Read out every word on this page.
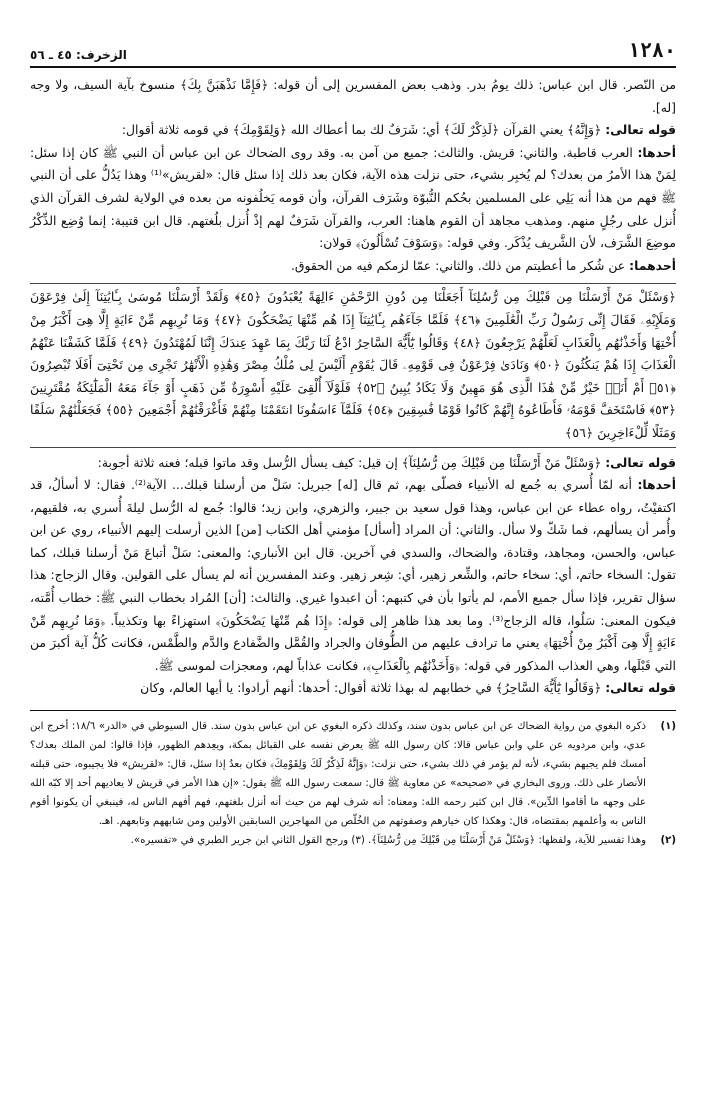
١٢٨٠
الزخرف: ٤٥ ـ ٥٦

من النّصر. قال ابن عباس: ذلك يومُ بدر. وذهب بعض المفسرين إلى أن قوله: ﴿فَإِمَّا نَذْهَبَنَّ بِكَ﴾ منسوخ بآية السيف، ولا وجه [له].

قوله تعالى: ﴿وَإِنَّهُ﴾ يعني القرآن ﴿لَذِكْرٌ لَكَ﴾ أي: شَرَفٌ لك بما أعطاك الله ﴿وَلِقَوْمِكَ﴾ في قومه ثلاثة أقوال:

أحدها: العرب قاطبة. والثاني: قريش. والثالث: جميع من آمن به. وقد روى الضحاك عن ابن عباس أن النبي ﷺ كان إذا سئل: لِمَنْ هذا الأمرُ من بعدك؟ لم يُخبِر بشيء، حتى نزلت هذه الآية، فكان بعد ذلك إذا سئل قال: «لقريش»⁽¹⁾ وهذا يَدُلُّ على أن النبي ﷺ فهم من هذا أنه يَلِي على المسلمين بحُكم النُّبوّة وشَرَف القرآن، وأن قومه يَخلُفونه من بعده في الولاية لشرف القرآن الذي أُنزل على رجُلٍ منهم. ومذهب مجاهد أن القوم هاهنا: العرب، والقرآن شَرَفٌ لهم إذْ أُنزل بلُغتهم. قال ابن قتيبة: إنما وُضِع الذِّكْرُ موضِعَ الشَّرَف، لأن الشَّريف يُذْكَر. وفي قوله: ﴿وَسَوْفَ تُسْأَلُونَ﴾ قولان:

أحدهما: عن شُكر ما أعطيتم من ذلك. والثاني: عمّا لزمكم فيه من الحقوق.

﴿وَسْئَلْ مَنْ أَرْسَلْنَا مِن قَبْلِكَ مِن رُّسُلِنَآ أَجَعَلْنَا مِن دُونِ الرَّحْمَٰنِ ءَالِهَةً يُعْبَدُونَ ﴿٤٥﴾ وَلَقَدْ أَرْسَلْنَا مُوسَىٰ بِـَٔايَٰتِنَآ إِلَىٰ فِرْعَوْنَ وَمَلَإِيْهِۦ فَقَالَ إِنِّى رَسُولُ رَبِّ الْعَٰلَمِينَ ﴿٤٦﴾ فَلَمَّا جَآءَهُم بِـَٔايَٰتِنَآ إِذَا هُم مِّنْهَا يَضْحَكُونَ ﴿٤٧﴾ وَمَا نُرِيهِم مِّنْ ءَايَةٍ إِلَّا هِىَ أَكْبَرُ مِنْ أُخْتِهَا وَأَخَذْنَٰهُم بِالْعَذَابِ لَعَلَّهُمْ يَرْجِعُونَ ﴿٤٨﴾ وَقَالُوا يَٰٓأَيُّهَ السَّاحِرُ ادْعُ لَنَا رَبَّكَ بِمَا عَهِدَ عِندَكَ إِنَّنَا لَمُهْتَدُونَ ﴿٤٩﴾ فَلَمَّا كَشَفْنَا عَنْهُمُ الْعَذَابَ إِذَا هُمْ يَنكُثُونَ ﴿٥٠﴾ وَنَادَىٰ فِرْعَوْنُ فِى قَوْمِهِۦ قَالَ يَٰقَوْمِ أَلَيْسَ لِى مُلْكُ مِصْرَ وَهَٰذِهِ الْأَنْهَٰرُ تَجْرِى مِن تَحْتِىٓ أَفَلَا تُبْصِرُونَ ﴿٥١﴾ أَمْ أَنَا۠ خَيْرٌ مِّنْ هَٰذَا الَّذِى هُوَ مَهِينٌ وَلَا يَكَادُ يُبِينُ ﴿٥٢﴾ فَلَوْلَآ أُلْقِىَ عَلَيْهِ أَسْوِرَةٌ مِّن ذَهَبٍ أَوْ جَآءَ مَعَهُ الْمَلَٰٓئِكَةُ مُقْتَرِنِينَ ﴿٥٣﴾ فَاسْتَخَفَّ قَوْمَهُۥ فَأَطَاعُوهُ إِنَّهُمْ كَانُوا قَوْمًا فَٰسِقِينَ ﴿٥٤﴾ فَلَمَّآ ءَاسَفُونَا انتَقَمْنَا مِنْهُمْ فَأَغْرَقْنَٰهُمْ أَجْمَعِينَ ﴿٥٥﴾ فَجَعَلْنَٰهُمْ سَلَفًا وَمَثَلًا لِّلْءَاخِرِينَ ﴿٥٦﴾

قوله تعالى: ﴿وَسْئَلْ مَنْ أَرْسَلْنَا مِن قَبْلِكَ مِن رُّسُلِنَآ﴾ إن قيل: كيف يسأل الرُّسل وقد ماتوا قبله؛ فعنه ثلاثة أجوبة:

أحدها: أنه لمّا أُسري به جُمع له الأنبياء فصلّى بهم، ثم قال [له] جبريل: سَلْ من أرسلنا قبلك... الآية⁽²⁾. فقال: لا أسألُ، قد اكتفيْتُ، رواه عطاء عن ابن عباس، وهذا قول سعيد بن جبير، والزهري، وابن زيد؛ قالوا: جُمع له الرُّسل ليلةَ أُسري به، فلقيهم، وأُمر أن يسألهم، فما شَكّ ولا سأل. والثاني: أن المراد [أسأل] مؤمني أهل الكتاب [من] الذين أرسلت إليهم الأنبياء، روي عن ابن عباس، والحسن، ومجاهد، وقتادة، والضحاك، والسدي في آخرين. قال ابن الأنباري: والمعنى: سَلْ أتباعَ مَنْ أرسلنا قبلك، كما تقول: السخاء حاتم، أي: سخاء حاتم، والشِّعر زهير، أي: شِعر زهير. وعند المفسرين أنه لم يسأل على القولين. وقال الزجاج: هذا سؤال تقرير، فإذا سأل جميع الأمم، لم يأتوا بأن في كتبهم: أن اعبدوا غيري. والثالث: [أن] المُراد بخطاب النبي ﷺ: خطاب أُمَّته، فيكون المعنى: سَلُوا، قاله الزجاج⁽³⁾. وما بعد هذا ظاهر إلى قوله: ﴿إِذَا هُم مِّنْهَا يَضْحَكُونَ﴾ استهزاءً بها وتكذيباً. ﴿وَمَا نُرِيهِم مِّنْ ءَايَةٍ إِلَّا هِىَ أَكْبَرُ مِنْ أُخْتِهَا﴾ يعني ما ترادف عليهم من الطُّوفان والجراد والقُمَّل والضَّفادع والدَّم والطَّمْس، فكانت كُلُّ آية أكبرَ من التي قَبْلَها، وهي العذاب المذكور في قوله: ﴿وَأَخَذْنَٰهُم بِالْعَذَابِ﴾، فكانت عذاباً لهم، ومعجزات لموسى ﷺ.

قوله تعالى: ﴿وَقَالُوا يَٰٓأَيُّهَ السَّاحِرُ﴾ في خطابهم له بهذا ثلاثة أقوال: أحدها: أنهم أرادوا: يا أيها العالم، وكان

(١)
ذكره البغوي من رواية الضحاك عن ابن عباس بدون سند، وكذلك ذكره البغوي عن ابن عباس بدون سند. قال السيوطي في «الدر» ١٨/٦: أخرج ابن عدي، وابن مردويه عن علي وابن عباس قالا: كان رسول الله ﷺ يعرض نفسه على القبائل بمكة، ويعِدهم الظهور، فإذا قالوا: لمن الملك بعدك؟ أمسك فلم يجبهم بشيء، لأنه لم يؤمر في ذلك بشيء، حتى نزلت: ﴿وَإِنَّهُ لَذِكْرٌ لَكَ وَلِقَوْمِكَ﴾ فكان بعدُ إذا سئل، قال: «لقريش» فلا يجيبوه، حتى قبلته الأنصار على ذلك. وروى البخاري في «صحيحه» عن معاوية ﷺ قال: سمعت رسول الله ﷺ يقول: «إن هذا الأمر في قريش لا يعاديهم أحد إلا كبّه الله على وجهه ما أقاموا الدِّين». قال ابن كثير رحمه الله: ومعناه: أنه شرف لهم من حيث أنه أنزل بلغتهم، فهم أفهم الناس له، فينبغي أن يكونوا أقوم الناس به وأعلمهم بمقتضاه، قال: وهكذا كان خيارهم وصفوتهم من الخُلّص من المهاجرين السابقين الأولين ومن شابههم وتابعهم. اهـ.
(٢)
وهذا تفسير للآية، ولفظها: ﴿وَسْئَلْ مَنْ أَرْسَلْنَا مِن قَبْلِكَ مِن رُّسُلِنَآ﴾. (٣) ورجح القول الثاني ابن جرير الطبري في «تفسيره».
